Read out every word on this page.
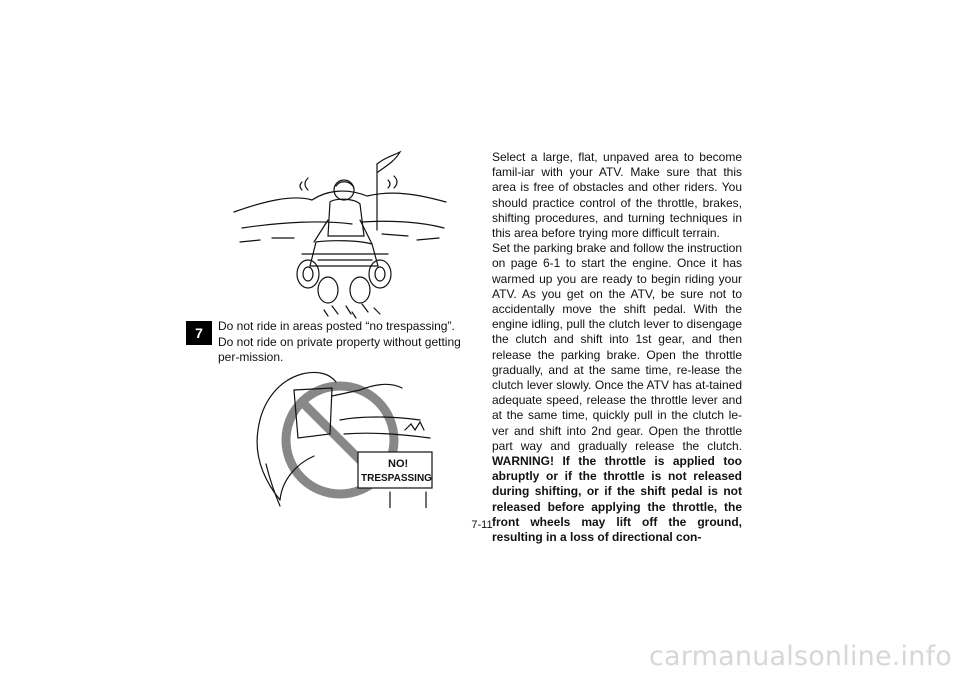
7	Do not ride in areas posted “no trespassing”.

Do not ride on private property without getting per-mission.

NO!
TRESPASSING

Select a large, flat, unpaved area to become famil-iar with your ATV. Make sure that this area is free of obstacles and other riders. You should practice control of the throttle, brakes, shifting procedures, and turning techniques in this area before trying more difficult terrain.

Set the parking brake and follow the instruction on page 6-1 to start the engine. Once it has warmed up you are ready to begin riding your ATV. As you get on the ATV, be sure not to accidentally move the shift pedal. With the engine idling, pull the clutch lever to disengage the clutch and shift into 1st gear, and then release the parking brake. Open the throttle gradually, and at the same time, re-lease the clutch lever slowly. Once the ATV has at-tained adequate speed, release the throttle lever and at the same time, quickly pull in the clutch le-ver and shift into 2nd gear. Open the throttle part way and gradually release the clutch. WARNING! If the throttle is applied too abruptly or if the throttle is not released during shifting, or if the shift pedal is not released before applying the throttle, the front wheels may lift off the ground, resulting in a loss of directional con-

7-11
carmanualsonline.info
